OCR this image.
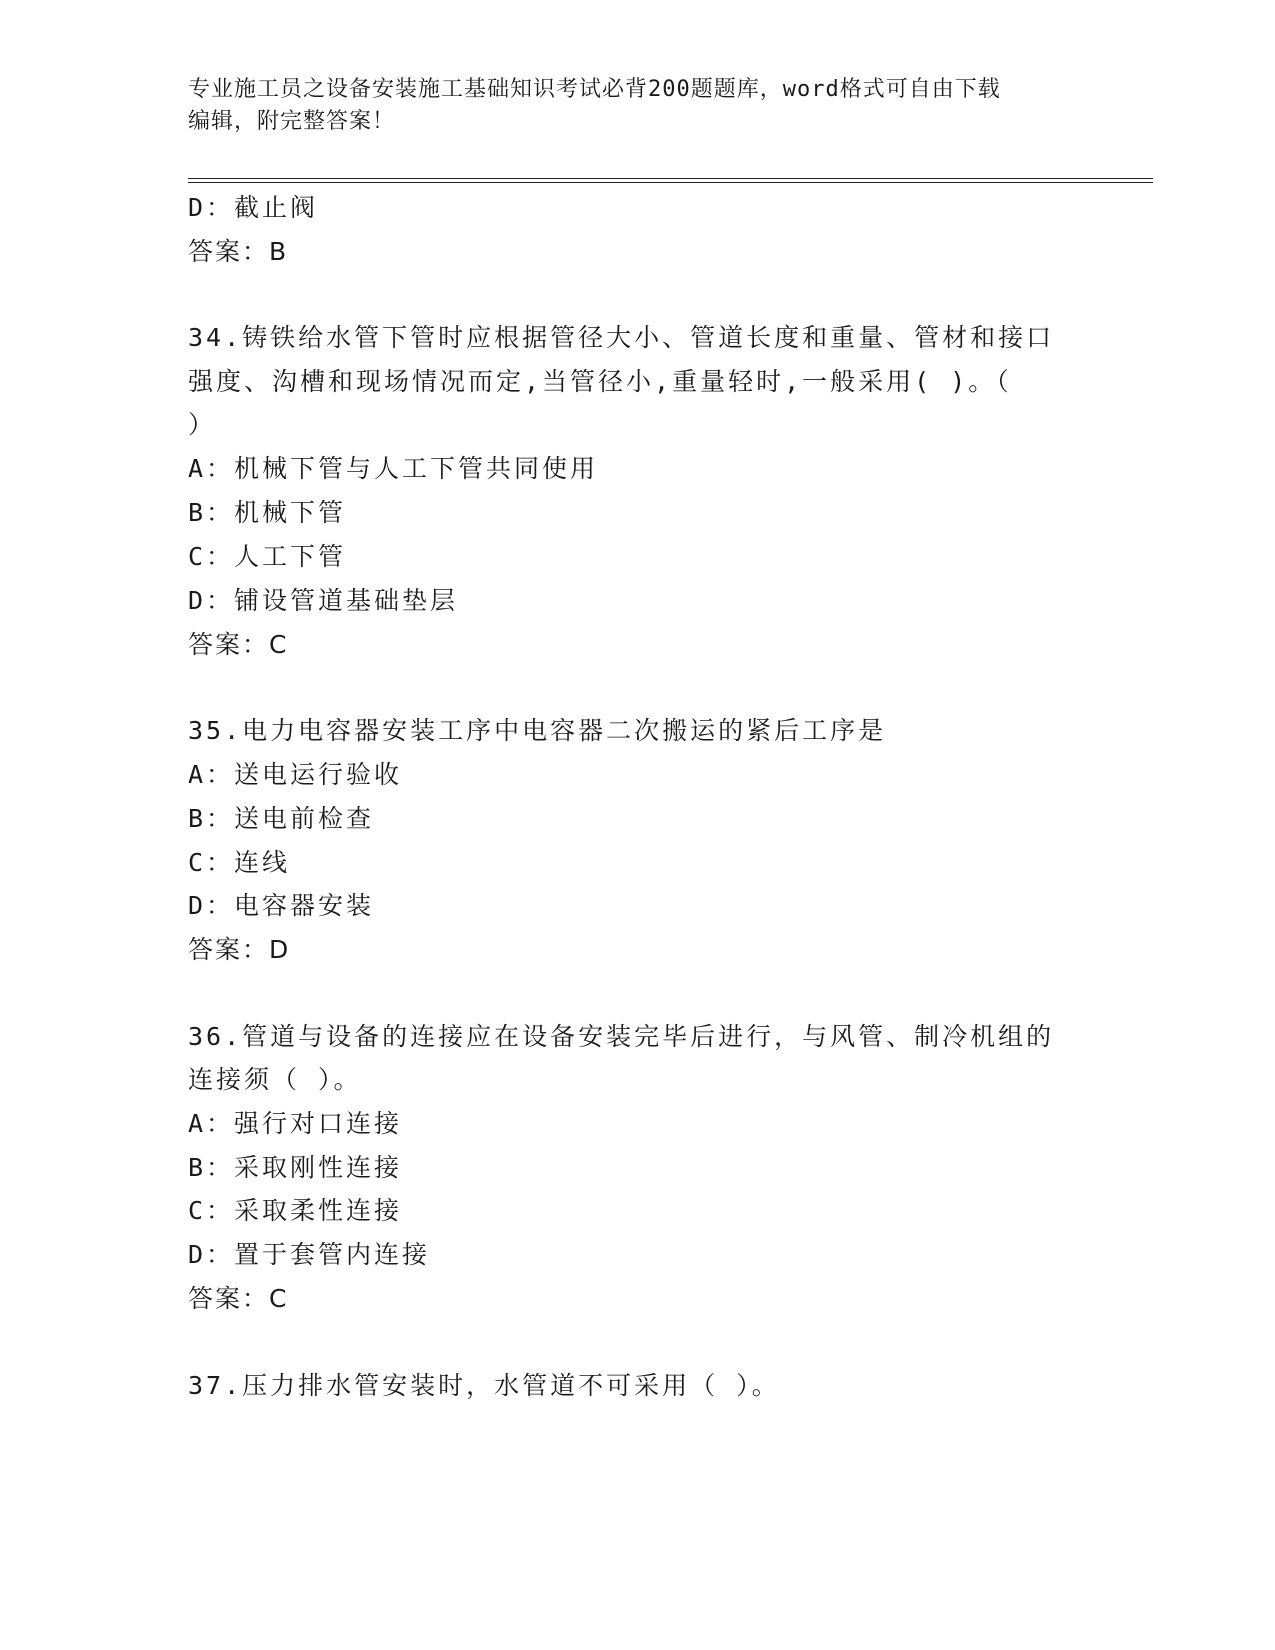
专业施工员之设备安装施工基础知识考试必背200题题库，word格式可自由下载
编辑，附完整答案！
D：截止阀
答案：B
34.铸铁给水管下管时应根据管径大小、管道长度和重量、管材和接口
强度、沟槽和现场情况而定,当管径小,重量轻时,一般采用( )。（
）
A：机械下管与人工下管共同使用
B：机械下管
C：人工下管
D：铺设管道基础垫层
答案：C
35.电力电容器安装工序中电容器二次搬运的紧后工序是
A：送电运行验收
B：送电前检查
C：连线
D：电容器安装
答案：D
36.管道与设备的连接应在设备安装完毕后进行，与风管、制冷机组的
连接须（ ）。
A：强行对口连接
B：采取刚性连接
C：采取柔性连接
D：置于套管内连接
答案：C
37.压力排水管安装时，水管道不可采用（ ）。
